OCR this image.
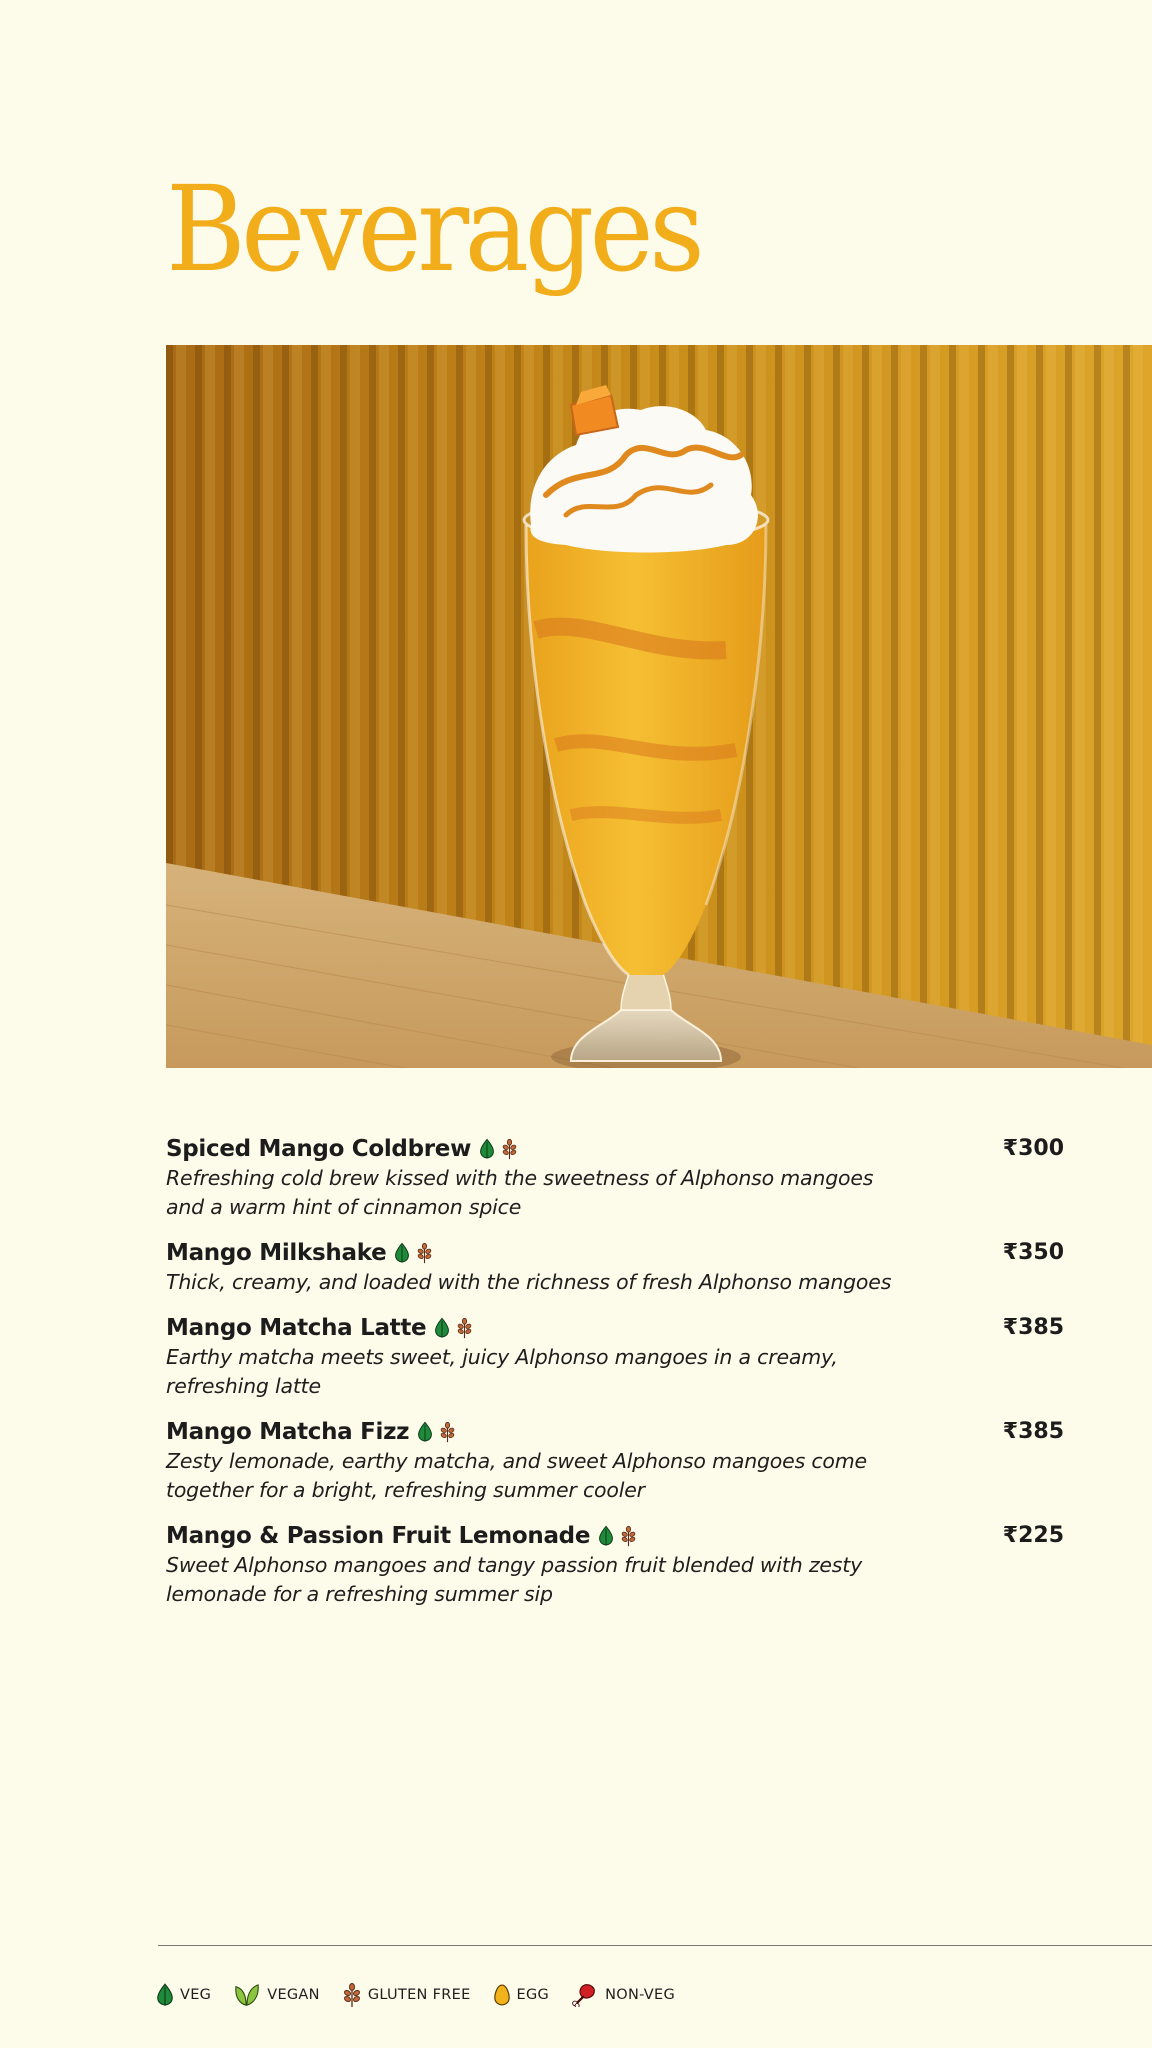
Beverages
Spiced Mango Coldbrew	₹300
Refreshing cold brew kissed with the sweetness of Alphonso mangoes and a warm hint of cinnamon spice
Mango Milkshake	₹350
Thick, creamy, and loaded with the richness of fresh Alphonso mangoes
Mango Matcha Latte	₹385
Earthy matcha meets sweet, juicy Alphonso mangoes in a creamy, refreshing latte
Mango Matcha Fizz	₹385
Zesty lemonade, earthy matcha, and sweet Alphonso mangoes come together for a bright, refreshing summer cooler
Mango & Passion Fruit Lemonade	₹225
Sweet Alphonso mangoes and tangy passion fruit blended with zesty lemonade for a refreshing summer sip
VEG	VEGAN	GLUTEN FREE	EGG	NON-VEG
